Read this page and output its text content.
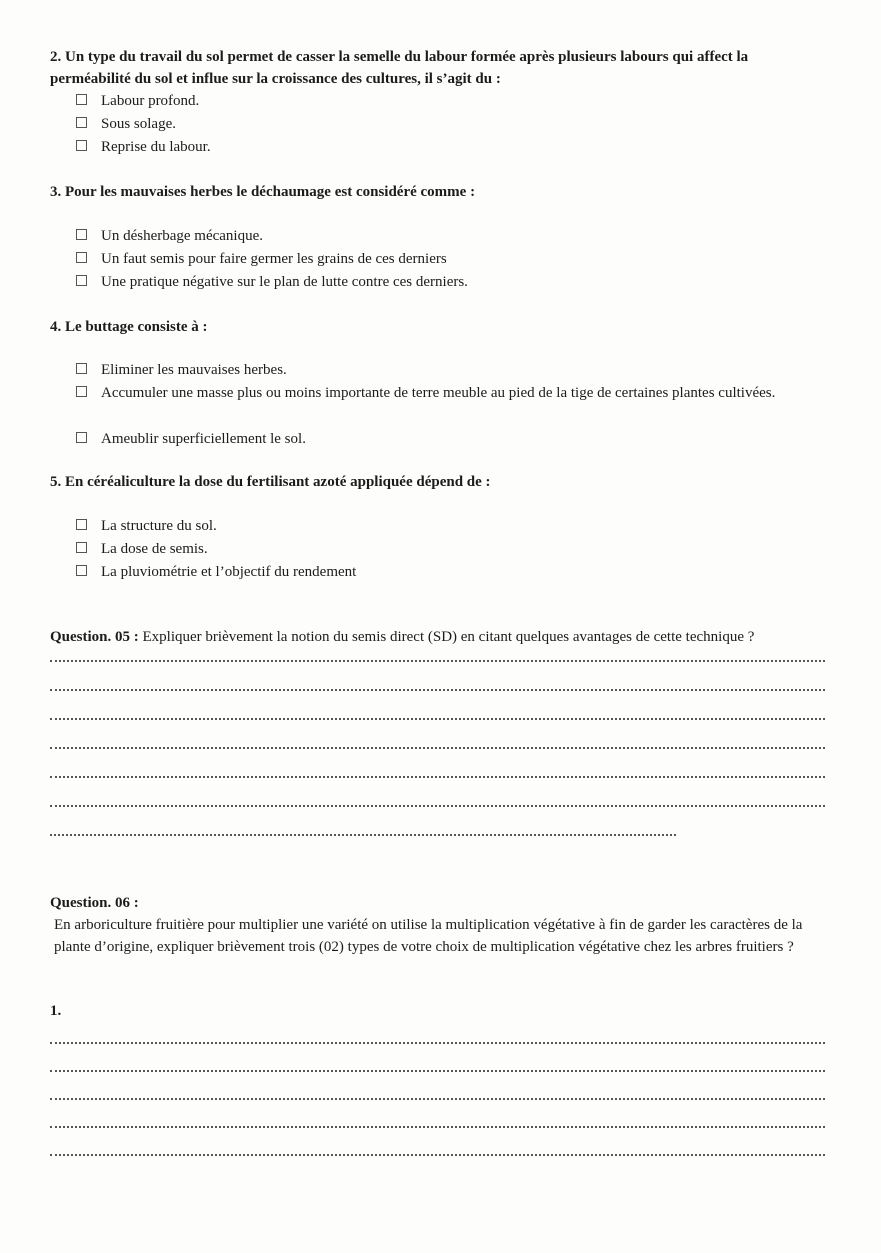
2. Un type du travail du sol permet de casser la semelle du labour formée après plusieurs labours qui affect la perméabilité du sol et influe sur la croissance des cultures, il s’agit du :
Labour profond.
Sous solage.
Reprise du labour.
3. Pour les mauvaises herbes le déchaumage est considéré comme :
Un désherbage mécanique.
Un faut semis pour faire germer les grains de ces derniers
Une pratique négative sur le plan de lutte contre ces derniers.
4. Le buttage consiste à :
Eliminer les mauvaises herbes.
Accumuler une masse plus ou moins importante de terre meuble au pied de la tige de certaines plantes cultivées.
Ameublir superficiellement le sol.
5. En céréaliculture la dose du fertilisant azoté appliquée dépend de :
La structure du sol.
La dose de semis.
La pluviométrie et l’objectif du rendement
Question. 05 : Expliquer brièvement la notion du semis direct (SD) en citant quelques avantages de cette technique ?
Question. 06 :
En arboriculture fruitière pour multiplier une variété on utilise la multiplication végétative à fin de garder les caractères de la plante d’origine, expliquer brièvement trois (02) types de votre choix de multiplication végétative chez les arbres fruitiers ?
1.
